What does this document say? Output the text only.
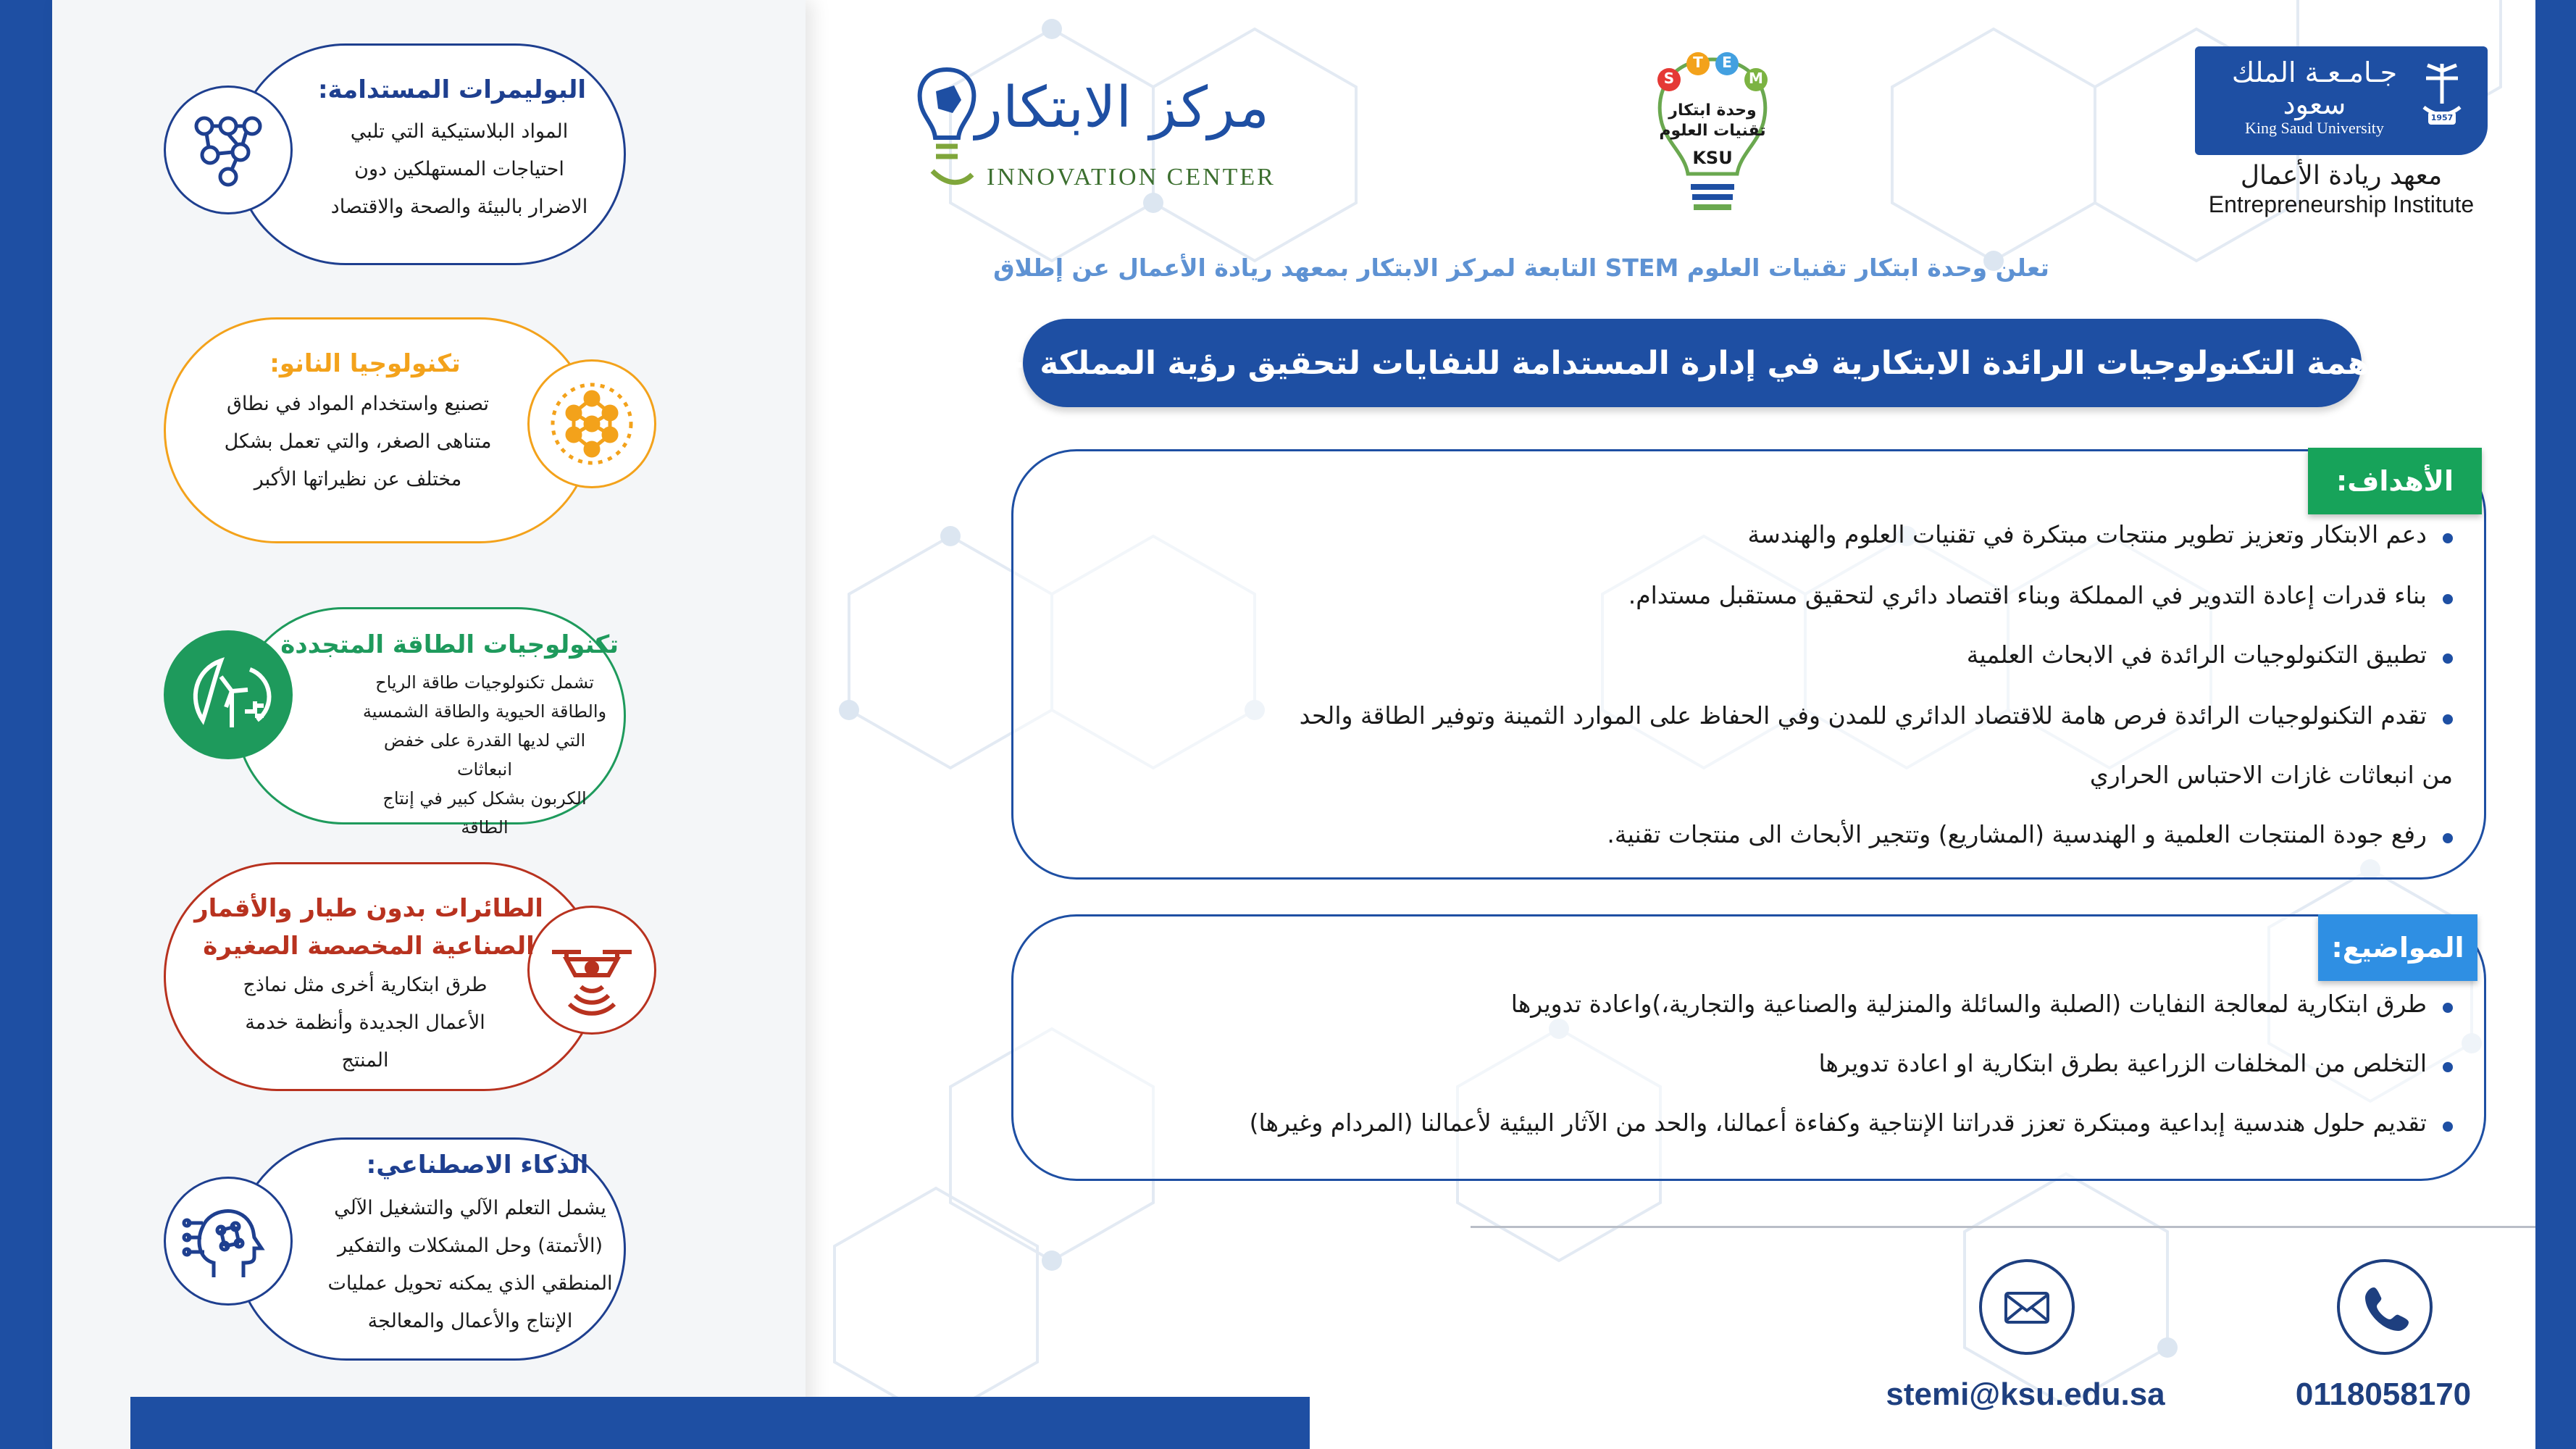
البوليمرات المستدامة:
المواد البلاستيكية التي تلبي
احتياجات المستهلكين دون
الاضرار بالبيئة والصحة والاقتصاد
تكنولوجيا النانو:
تصنيع واستخدام المواد في نطاق
متناهى الصغر، والتي تعمل بشكل
مختلف عن نظيراتها الأكبر
تكنولوجيات الطاقة المتجددة
تشمل تكنولوجيات طاقة الرياح
والطاقة الحيوية والطاقة الشمسية
التي لديها القدرة على خفض انبعاثات
الكربون بشكل كبير في إنتاج الطاقة
الطائرات بدون طيار والأقمار
الصناعية المخصصة الصغيرة
طرق ابتكارية أخرى مثل نماذج
الأعمال الجديدة وأنظمة خدمة
المنتج
الذكاء الاصطناعي:
يشمل التعلم الآلي والتشغيل الآلي
(الأتمتة) وحل المشكلات والتفكير
المنطقي الذي يمكنه تحويل عمليات
الإنتاج والأعمال والمعالجة
مركز الابتكار
INNOVATION CENTER
S
T E
M
وحدة ابتكار
تقنيات العلوم
KSU
جـامـعـة الملك سعود
King Saud University
1957
معهد ريادة الأعمال
Entrepreneurship Institute
تعلن وحدة ابتكار تقنيات العلوم STEM التابعة لمركز الابتكار بمعهد ريادة الأعمال عن إطلاق
مساهمة التكنولوجيات الرائدة الابتكارية في إدارة المستدامة للنفايات لتحقيق رؤية المملكة ٢٠٣٠
الأهداف:
دعم الابتكار وتعزيز تطوير منتجات مبتكرة في تقنيات العلوم والهندسة
بناء قدرات إعادة التدوير في المملكة وبناء اقتصاد دائري لتحقيق مستقبل مستدام.
تطبيق التكنولوجيات الرائدة في الابحاث العلمية
تقدم التكنولوجيات الرائدة فرص هامة للاقتصاد الدائري للمدن وفي الحفاظ على الموارد الثمينة وتوفير الطاقة والحد
من انبعاثات غازات الاحتباس الحراري
رفع جودة المنتجات العلمية و الهندسية (المشاريع) وتتجير الأبحاث الى منتجات تقنية.
المواضيع:
طرق ابتكارية لمعالجة النفايات (الصلبة والسائلة والمنزلية والصناعية والتجارية،)واعادة تدويرها
التخلص من المخلفات الزراعية بطرق ابتكارية او اعادة تدويرها
تقديم حلول هندسية إبداعية ومبتكرة تعزز قدراتنا الإنتاجية وكفاءة أعمالنا، والحد من الآثار البيئية لأعمالنا (المردام وغيرها)
stemi@ksu.edu.sa	0118058170
